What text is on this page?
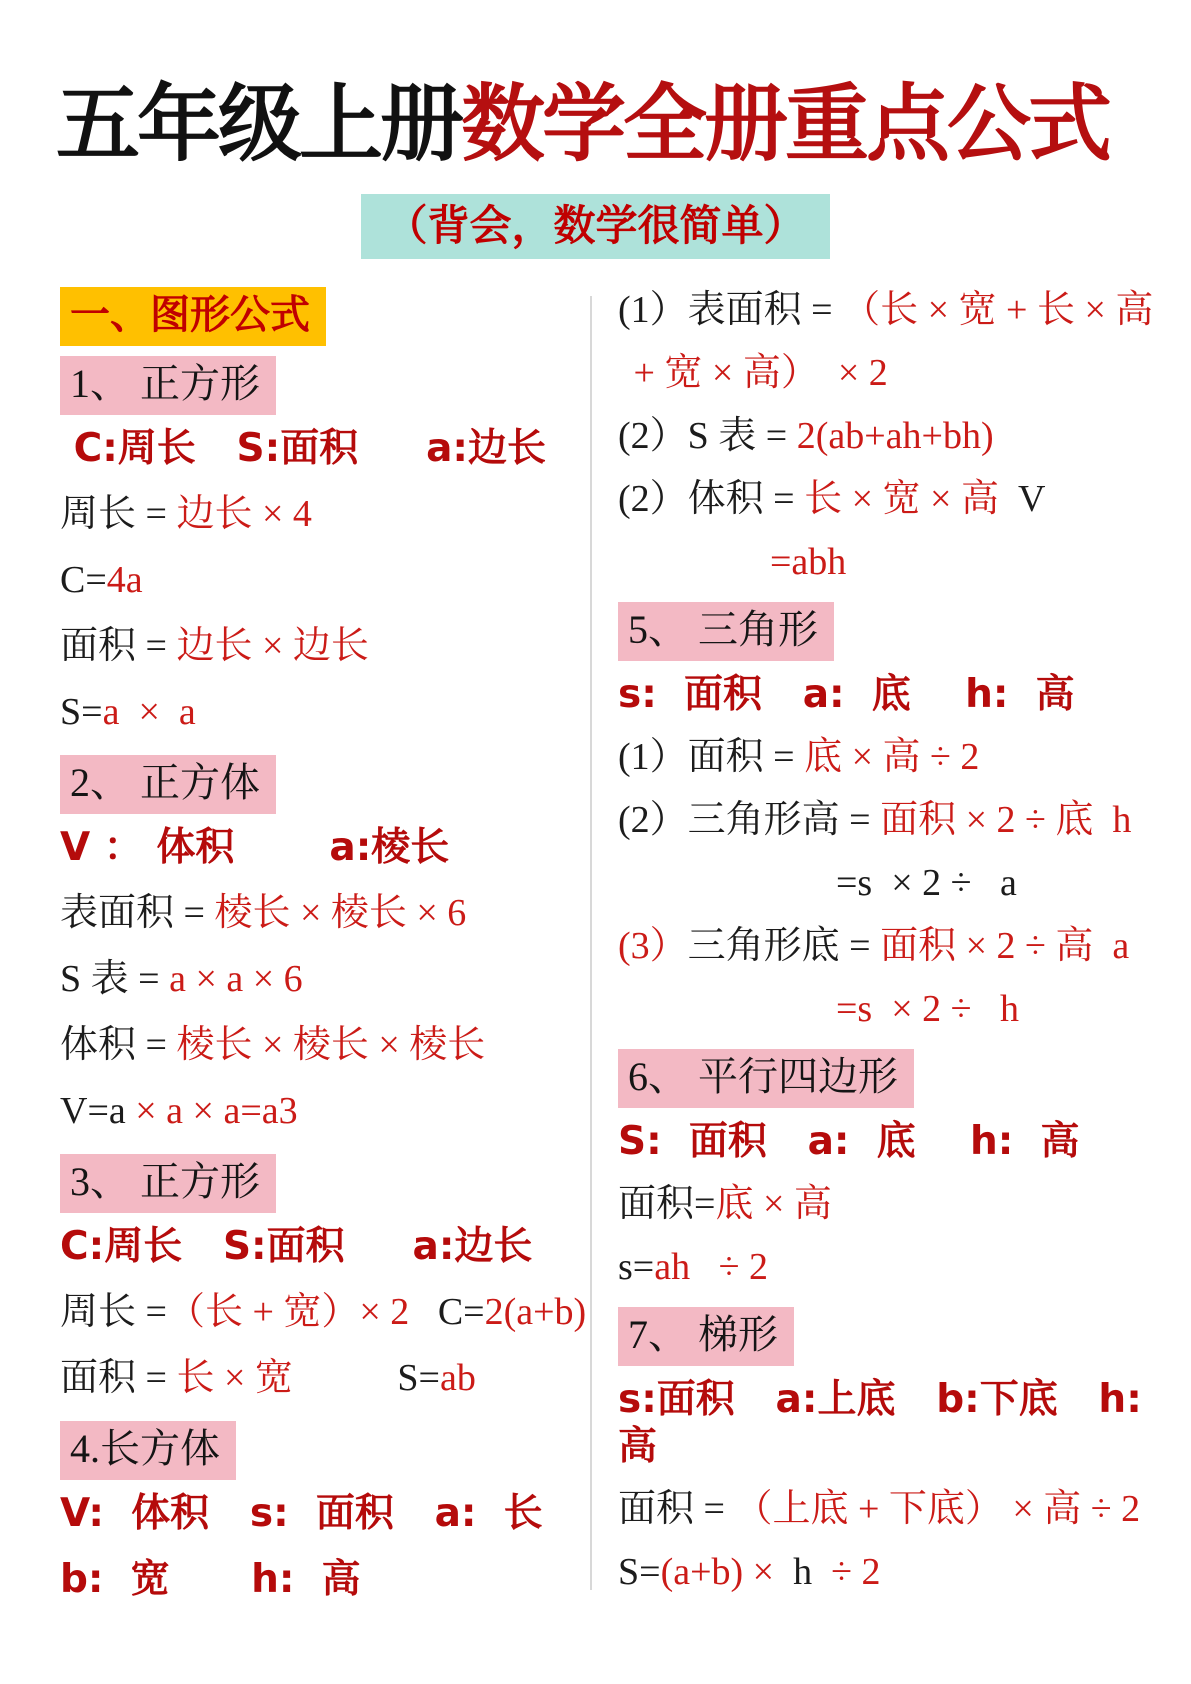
五年级上册数学全册重点公式
（背会，数学很简单）
一、图形公式
1、 正方形
C:周长   S:面积     a:边长
周长 = 边长 × 4
C=4a
面积 = 边长 × 边长
S=a  ×  a
2、 正方体
V ： 体积       a:棱长
表面积 = 棱长 × 棱长 × 6
S 表 = a × a × 6
体积 = 棱长 × 棱长 × 棱长
V=a × a × a=a3
3、 正方形
C:周长   S:面积     a:边长
周长 =（长 + 宽）× 2   C=2(a+b)
面积 = 长 × 宽           S=ab
4.长方体
V:  体积   s:  面积   a:  长
b:  宽      h:  高
(1）表面积 = （长 × 宽 + 长 × 高
+ 宽 × 高）  × 2
(2）S 表 = 2(ab+ah+bh)
(2）体积 = 长 × 宽 × 高  V
=abh
5、 三角形
s:  面积   a:  底    h:  高
(1）面积 = 底 × 高 ÷ 2
(2）三角形高 = 面积 × 2 ÷ 底  h
=s  × 2 ÷   a
(3）三角形底 = 面积 × 2 ÷ 高  a
=s  × 2 ÷   h
6、 平行四边形
S:  面积   a:  底    h:  高
面积=底 × 高
s=ah   ÷ 2
7、 梯形
s:面积   a:上底   b:下底   h:  高
面积 = （上底 + 下底） × 高 ÷ 2
S=(a+b) ×  h  ÷ 2
